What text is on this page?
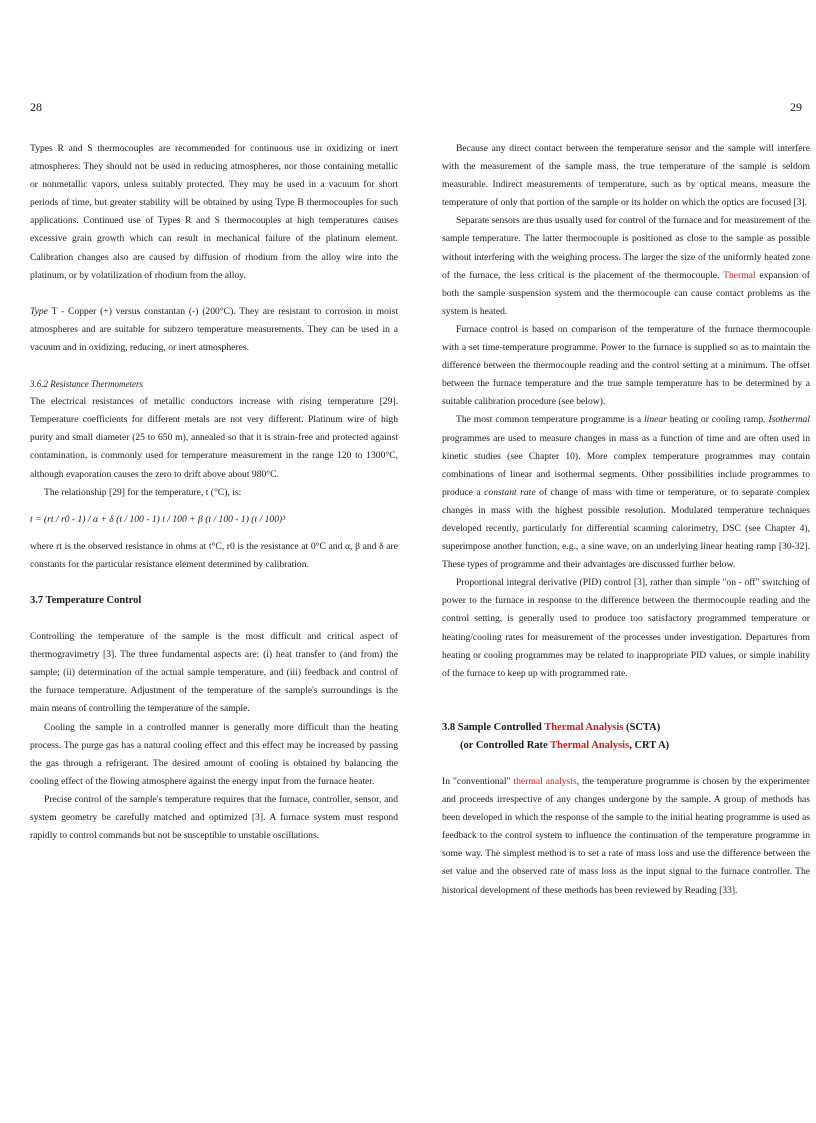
28	29

Types R and S thermocouples are recommended for continuous use in oxidizing or inert atmospheres. They should not be used in reducing atmospheres, nor those containing metallic or nonmetallic vapors, unless suitably protected. They may be used in a vacuum for short periods of time, but greater stability will be obtained by using Type B thermocouples for such applications. Continued use of Types R and S thermocouples at high temperatures causes excessive grain growth which can result in mechanical failure of the platinum element. Calibration changes also are caused by diffusion of rhodium from the alloy wire into the platinum, or by volatilization of rhodium from the alloy.

Type T - Copper (+) versus constantan (-) (200°C). They are resistant to corrosion in moist atmospheres and are suitable for subzero temperature measurements. They can be used in a vacuum and in oxidizing, reducing, or inert atmospheres.

3.6.2 Resistance Thermometers

The electrical resistances of metallic conductors increase with rising temperature [29]. Temperature coefficients for different metals are not very different. Platinum wire of high purity and small diameter (25 to 650 m), annealed so that it is strain-free and protected against contamination, is commonly used for temperature measurement in the range 120 to 1300°C, although evaporation causes the zero to drift above about 980°C.

The relationship [29] for the temperature, t (°C), is:

t = (rt / r0 - 1) / α + δ (t / 100 - 1) t / 100 + β (t / 100 - 1) (t / 100)³

where rt is the observed resistance in ohms at t°C, r0 is the resistance at 0°C and α, β and δ are constants for the particular resistance element determined by calibration.

3.7 Temperature Control

Controlling the temperature of the sample is the most difficult and critical aspect of thermogravimetry [3]. The three fundamental aspects are: (i) heat transfer to (and from) the sample; (ii) determination of the actual sample temperature, and (iii) feedback and control of the furnace temperature. Adjustment of the temperature of the sample's surroundings is the main means of controlling the temperature of the sample.

Cooling the sample in a controlled manner is generally more difficult than the heating process. The purge gas has a natural cooling effect and this effect may be increased by passing the gas through a refrigerant. The desired amount of cooling is obtained by balancing the cooling effect of the flowing atmosphere against the energy input from the furnace heater.

Precise control of the sample's temperature requires that the furnace, controller, sensor, and system geometry be carefully matched and optimized [3]. A furnace system must respond rapidly to control commands but not be susceptible to unstable oscillations.

Because any direct contact between the temperature sensor and the sample will interfere with the measurement of the sample mass, the true temperature of the sample is seldom measurable. Indirect measurements of temperature, such as by optical means, measure the temperature of only that portion of the sample or its holder on which the optics are focused [3].

Separate sensors are thus usually used for control of the furnace and for measurement of the sample temperature. The latter thermocouple is positioned as close to the sample as possible without interfering with the weighing process. The larger the size of the uniformly heated zone of the furnace, the less critical is the placement of the thermocouple. Thermal expansion of both the sample suspension system and the thermocouple can cause contact problems as the system is heated.

Furnace control is based on comparison of the temperature of the furnace thermocouple with a set time-temperature programme. Power to the furnace is supplied so as to maintain the difference between the thermocouple reading and the control setting at a minimum. The offset between the furnace temperature and the true sample temperature has to be determined by a suitable calibration procedure (see below).

The most common temperature programme is a linear heating or cooling ramp. Isothermal programmes are used to measure changes in mass as a function of time and are often used in kinetic studies (see Chapter 10). More complex temperature programmes may contain combinations of linear and isothermal segments. Other possibilities include programmes to produce a constant rate of change of mass with time or temperature, or to separate complex changes in mass with the highest possible resolution. Modulated temperature techniques developed recently, particularly for differential scanning calorimetry, DSC (see Chapter 4), superimpose another function, e.g., a sine wave, on an underlying linear heating ramp [30-32]. These types of programme and their advantages are discussed further below.

Proportional integral derivative (PID) control [3], rather than simple "on - off" switching of power to the furnace in response to the difference between the thermocouple reading and the control setting, is generally used to produce too satisfactory programmed temperature or heating/cooling rates for measurement of the processes under investigation. Departures from heating or cooling programmes may be related to inappropriate PID values, or simple inability of the furnace to keep up with programmed rate.

3.8 Sample Controlled Thermal Analysis (SCTA)

(or Controlled Rate Thermal Analysis, CRT A)

In "conventional" thermal analysis, the temperature programme is chosen by the experimenter and proceeds irrespective of any changes undergone by the sample. A group of methods has been developed in which the response of the sample to the initial heating programme is used as feedback to the control system to influence the continuation of the temperature programme in some way. The simplest method is to set a rate of mass loss and use the difference between the set value and the observed rate of mass loss as the input signal to the furnace controller. The historical development of these methods has been reviewed by Reading [33].
